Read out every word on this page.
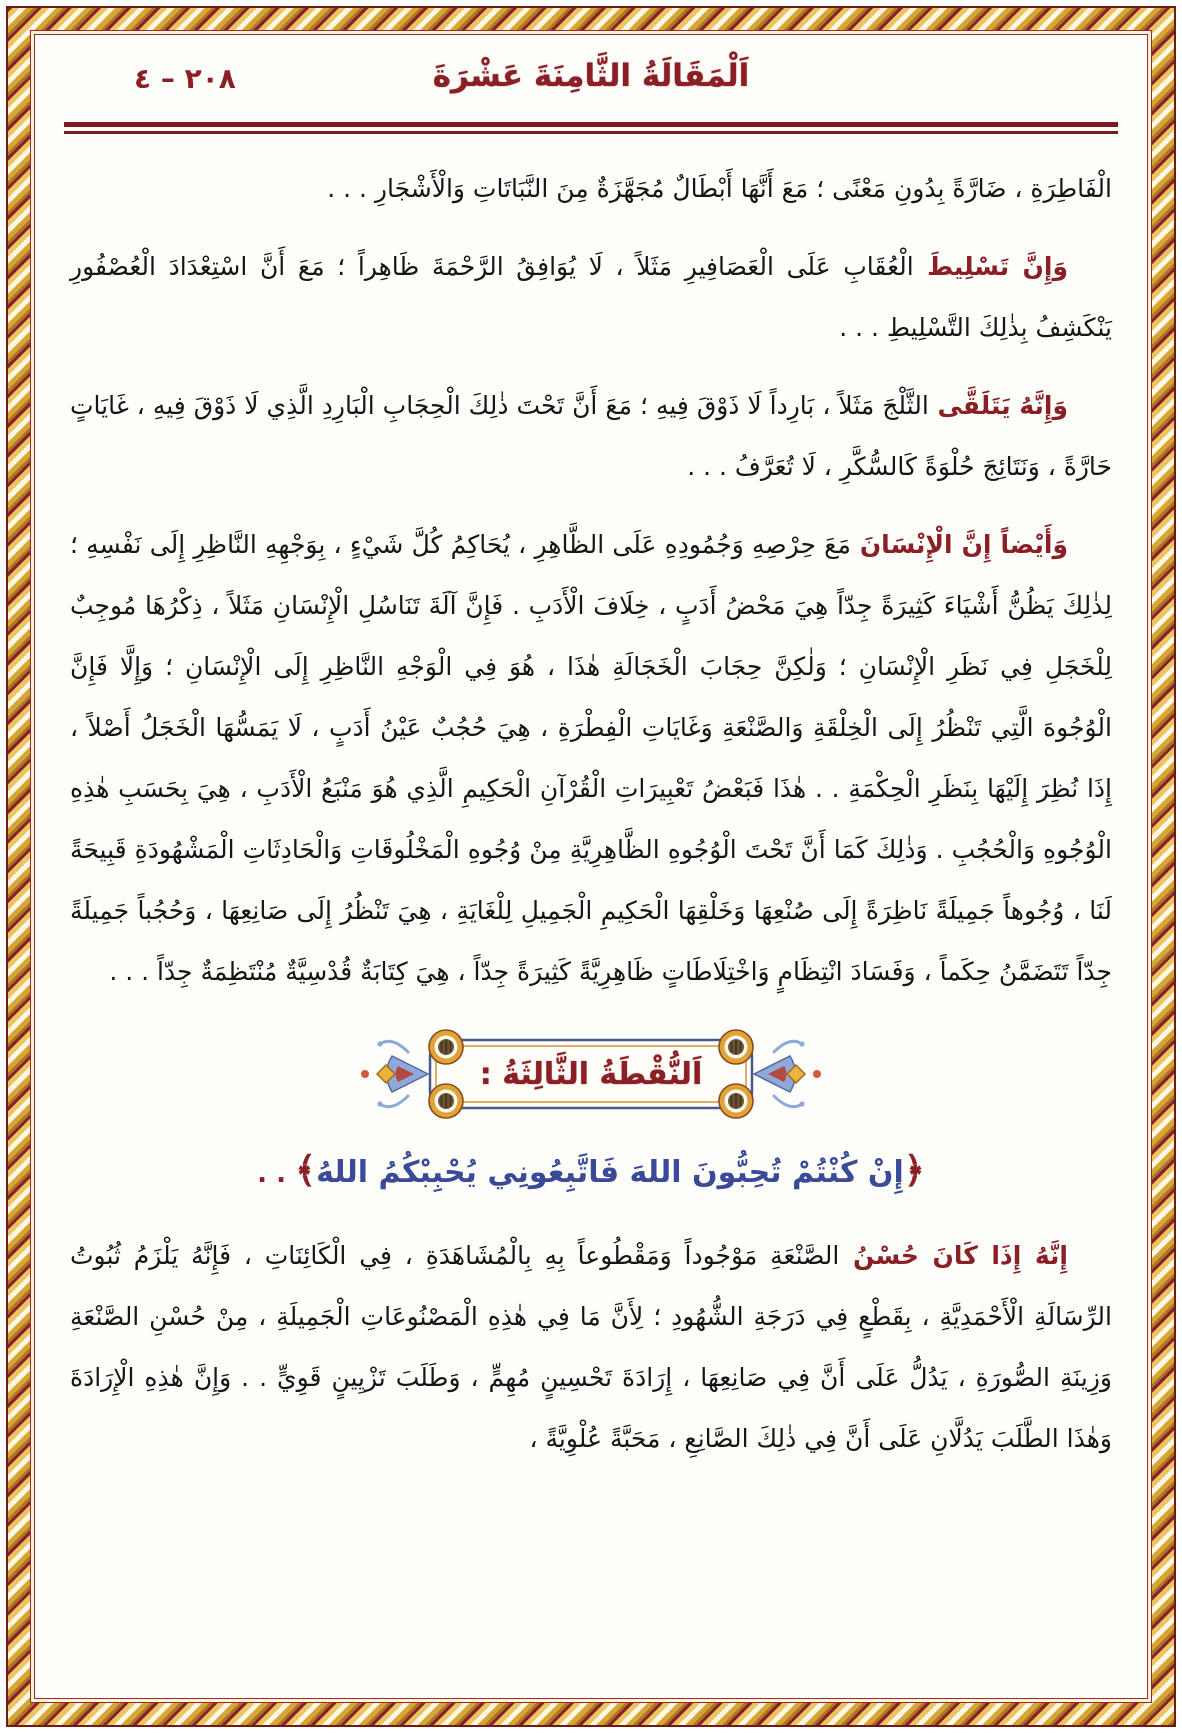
اَلْمَقَالَةُ الثَّامِنَةَ عَشْرَةَ
٢٠٨ – ٤

الْفَاطِرَةِ ، ضَارَّةً بِدُونِ مَعْنًى ؛ مَعَ أَنَّهَا أَبْطَالٌ مُجَهَّزَةٌ مِنَ النَّبَاتَاتِ وَالْأَشْجَارِ . . .

وَإِنَّ تَسْلِيطَ الْعُقَابِ عَلَى الْعَصَافِيرِ مَثَلاً ، لَا يُوَافِقُ الرَّحْمَةَ ظَاهِراً ؛ مَعَ أَنَّ اسْتِعْدَادَ الْعُصْفُورِ يَنْكَشِفُ بِذٰلِكَ التَّسْلِيطِ . . .

وَإِنَّهُ يَتَلَقَّى الثَّلْجَ مَثَلاً ، بَارِداً لَا ذَوْقَ فِيهِ ؛ مَعَ أَنَّ تَحْتَ ذٰلِكَ الْحِجَابِ الْبَارِدِ الَّذِي لَا ذَوْقَ فِيهِ ، غَايَاتٍ حَارَّةً ، وَنَتَائِجَ حُلْوَةً كَالسُّكَّرِ ، لَا تُعَرَّفُ . . .

وَأَيْضاً إِنَّ الْإِنْسَانَ مَعَ حِرْصِهِ وَجُمُودِهِ عَلَى الظَّاهِرِ ، يُحَاكِمُ كُلَّ شَيْءٍ ، بِوَجْهِهِ النَّاظِرِ إِلَى نَفْسِهِ ؛ لِذٰلِكَ يَظُنُّ أَشْيَاءَ كَثِيرَةً جِدّاً هِيَ مَحْضُ أَدَبٍ ، خِلَافَ الْأَدَبِ . فَإِنَّ آلَةَ تَنَاسُلِ الْإِنْسَانِ مَثَلاً ، ذِكْرُهَا مُوجِبٌ لِلْخَجَلِ فِي نَظَرِ الْإِنْسَانِ ؛ وَلٰكِنَّ حِجَابَ الْخَجَالَةِ هٰذَا ، هُوَ فِي الْوَجْهِ النَّاظِرِ إِلَى الْإِنْسَانِ ؛ وَإِلَّا فَإِنَّ الْوُجُوهَ الَّتِي تَنْظُرُ إِلَى الْخِلْقَةِ وَالصَّنْعَةِ وَغَايَاتِ الْفِطْرَةِ ، هِيَ حُجُبٌ عَيْنُ أَدَبٍ ، لَا يَمَسُّهَا الْخَجَلُ أَصْلاً ، إِذَا نُظِرَ إِلَيْهَا بِنَظَرِ الْحِكْمَةِ . . هٰذَا فَبَعْضُ تَعْبِيرَاتِ الْقُرْآنِ الْحَكِيمِ الَّذِي هُوَ مَنْبَعُ الْأَدَبِ ، هِيَ بِحَسَبِ هٰذِهِ الْوُجُوهِ وَالْحُجُبِ . وَذٰلِكَ كَمَا أَنَّ تَحْتَ الْوُجُوهِ الظَّاهِرِيَّةِ مِنْ وُجُوهِ الْمَخْلُوقَاتِ وَالْحَادِثَاتِ الْمَشْهُودَةِ قَبِيحَةً لَنَا ، وُجُوهاً جَمِيلَةً نَاظِرَةً إِلَى صُنْعِهَا وَخَلْقِهَا الْحَكِيمِ الْجَمِيلِ لِلْغَايَةِ ، هِيَ تَنْظُرُ إِلَى صَانِعِهَا ، وَحُجُباً جَمِيلَةً جِدّاً تَتَضَمَّنُ حِكَماً ، وَفَسَادَ انْتِظَامٍ وَاخْتِلَاطَاتٍ ظَاهِرِيَّةً كَثِيرَةً جِدّاً ، هِيَ كِتَابَةٌ قُدْسِيَّةٌ مُنْتَظِمَةٌ جِدّاً . . .

اَلنُّقْطَةُ الثَّالِثَةُ :
﴿إِنْ كُنْتُمْ تُحِبُّونَ اللهَ فَاتَّبِعُونِي يُحْبِبْكُمُ اللهُ﴾ . .

إِنَّهُ إِذَا كَانَ حُسْنُ الصَّنْعَةِ مَوْجُوداً وَمَقْطُوعاً بِهِ بِالْمُشَاهَدَةِ ، فِي الْكَائِنَاتِ ، فَإِنَّهُ يَلْزَمُ ثُبُوتُ الرِّسَالَةِ الْأَحْمَدِيَّةِ ، بِقَطْعٍ فِي دَرَجَةِ الشُّهُودِ ؛ لِأَنَّ مَا فِي هٰذِهِ الْمَصْنُوعَاتِ الْجَمِيلَةِ ، مِنْ حُسْنِ الصَّنْعَةِ وَزِينَةِ الصُّورَةِ ، يَدُلُّ عَلَى أَنَّ فِي صَانِعِهَا ، إِرَادَةَ تَحْسِينٍ مُهِمٍّ ، وَطَلَبَ تَزْيِينٍ قَوِيٍّ . . وَإِنَّ هٰذِهِ الْإِرَادَةَ وَهٰذَا الطَّلَبَ يَدُلَّانِ عَلَى أَنَّ فِي ذٰلِكَ الصَّانِعِ ، مَحَبَّةً عُلْوِيَّةً ،
